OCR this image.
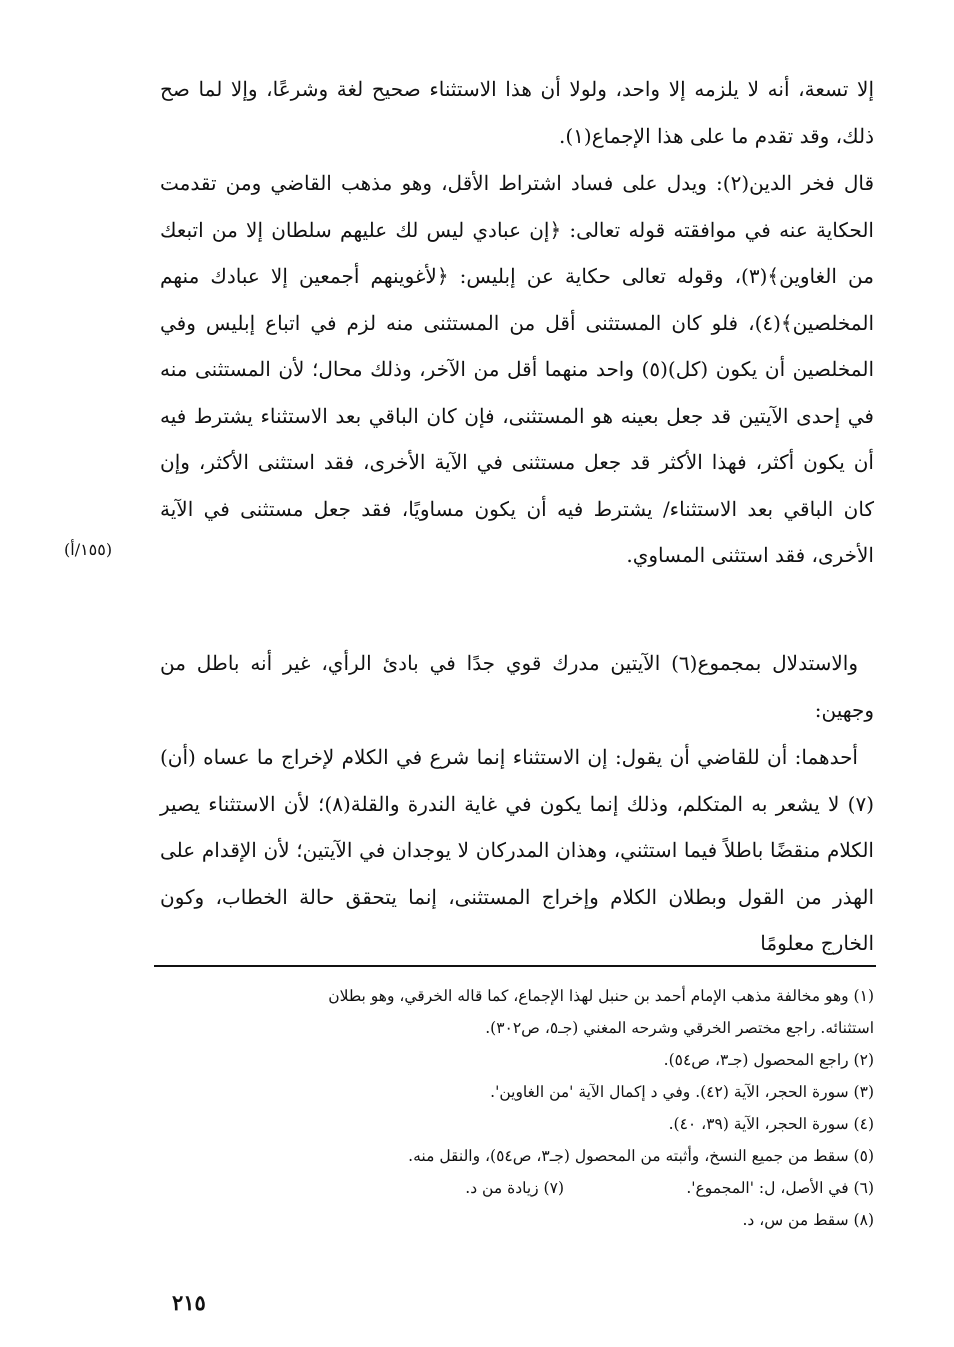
إلا تسعة، أنه لا يلزمه إلا واحد، ولولا أن هذا الاستثناء صحيح لغة وشرعًا، وإلا لما صح ذلك، وقد تقدم ما على هذا الإجماع(١).

قال فخر الدين(٢): ويدل على فساد اشتراط الأقل، وهو مذهب القاضي ومن تقدمت الحكاية عنه في موافقته قوله تعالى: ﴿إن عبادي ليس لك عليهم سلطان إلا من اتبعك من الغاوين﴾(٣)، وقوله تعالى حكاية عن إبليس: ﴿لأغوينهم أجمعين إلا عبادك منهم المخلصين﴾(٤)، فلو كان المستثنى أقل من المستثنى منه لزم في اتباع إبليس وفي المخلصين أن يكون (كل)(٥) واحد منهما أقل من الآخر، وذلك محال؛ لأن المستثنى منه في إحدى الآيتين قد جعل بعينه هو المستثنى، فإن كان الباقي بعد الاستثناء يشترط فيه أن يكون أكثر، فهذا الأكثر قد جعل مستثنى في الآية الأخرى، فقد استثنى الأكثر، وإن كان الباقي بعد الاستثناء/ يشترط فيه أن يكون مساويًا، فقد جعل مستثنى في الآية الأخرى، فقد استثنى المساوي.

والاستدلال بمجموع(٦) الآيتين مدرك قوي جدًا في بادئ الرأي، غير أنه باطل من وجهين:

أحدهما: أن للقاضي أن يقول: إن الاستثناء إنما شرع في الكلام لإخراج ما عساه (أن)(٧) لا يشعر به المتكلم، وذلك إنما يكون في غاية الندرة والقلة(٨)؛ لأن الاستثناء يصير الكلام منقضًا باطلاً فيما استثني، وهذان المدركان لا يوجدان في الآيتين؛ لأن الإقدام على الهذر من القول وبطلان الكلام وإخراج المستثنى، إنما يتحقق حالة الخطاب، وكون الخارج معلومًا

(١٥٥/أ)

(١) وهو مخالفة مذهب الإمام أحمد بن حنبل لهذا الإجماع، كما قاله الخرقي، وهو بطلان

استثنائه. راجع مختصر الخرقي وشرحه المغني (جـ٥، ص٣٠٢).

(٢) راجع المحصول (جـ٣، ص٥٤).

(٣) سورة الحجر، الآية (٤٢). وفي د إكمال الآية 'من الغاوين'.

(٤) سورة الحجر، الآية (٣٩، ٤٠).

(٥) سقط من جميع النسخ، وأثبته من المحصول (جـ٣، ص٥٤)، والنقل منه.

(٦) في الأصل، ل: 'المجموع'.

(٧) زيادة من د.

(٨) سقط من س، د.

٢١٥
